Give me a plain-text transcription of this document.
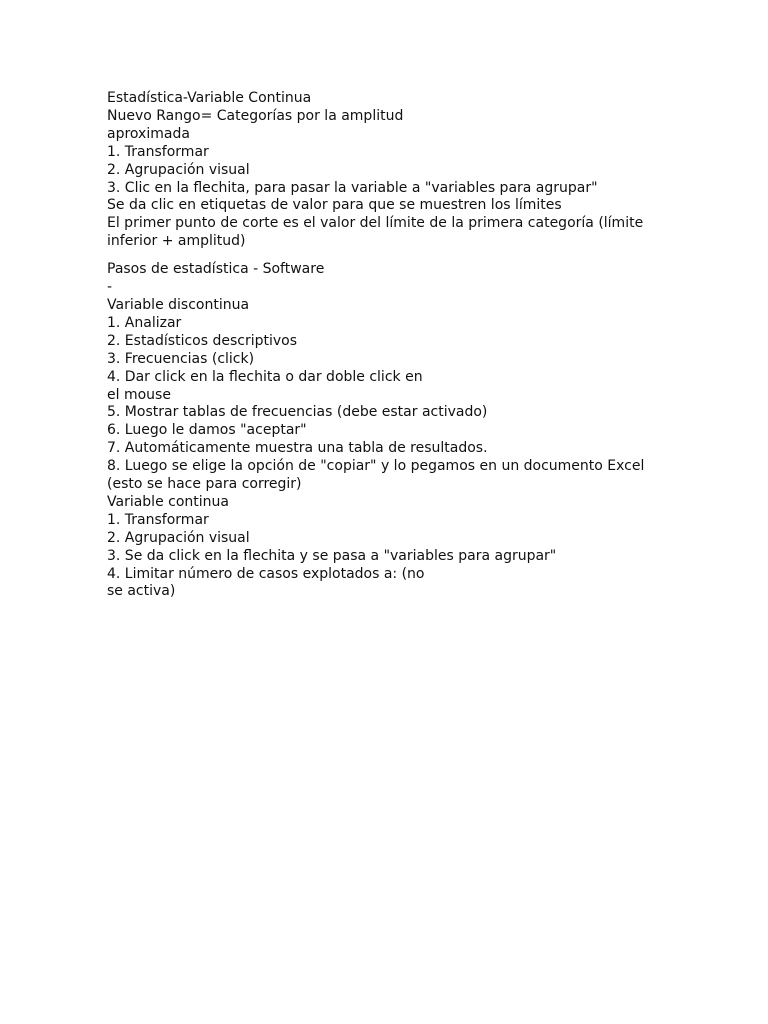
Estadística-Variable Continua

Nuevo Rango= Categorías por la amplitud

aproximada

1. Transformar

2. Agrupación visual

3. Clic en la flechita, para pasar la variable a "variables para agrupar"

Se da clic en etiquetas de valor para que se muestren los límites

El primer punto de corte es el valor del límite de la primera categoría (límite

inferior + amplitud)

Pasos de estadística - Software

-

Variable discontinua

1. Analizar

2. Estadísticos descriptivos

3. Frecuencias (click)

4. Dar click en la flechita o dar doble click en

el mouse

5. Mostrar tablas de frecuencias (debe estar activado)

6. Luego le damos "aceptar"

7. Automáticamente muestra una tabla de resultados.

8. Luego se elige la opción de "copiar" y lo pegamos en un documento Excel

(esto se hace para corregir)

Variable continua

1. Transformar

2. Agrupación visual

3. Se da click en la flechita y se pasa a "variables para agrupar"

4. Limitar número de casos explotados a: (no

se activa)
